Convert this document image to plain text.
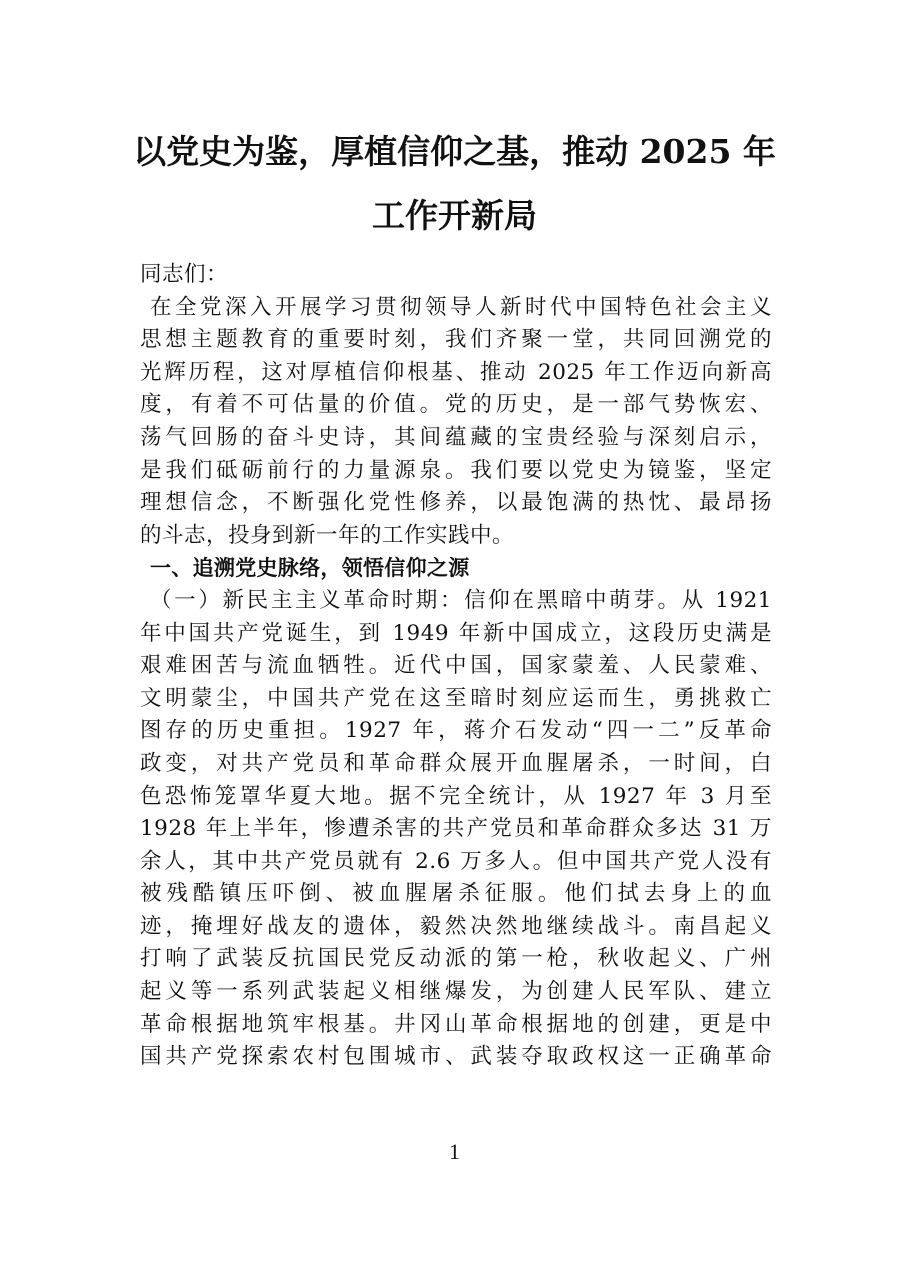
以党史为鉴，厚植信仰之基，推动 2025 年
工作开新局
同志们：
在全党深入开展学习贯彻领导人新时代中国特色社会主义
思想主题教育的重要时刻，我们齐聚一堂，共同回溯党的
光辉历程，这对厚植信仰根基、推动 2025 年工作迈向新高
度，有着不可估量的价值。党的历史，是一部气势恢宏、
荡气回肠的奋斗史诗，其间蕴藏的宝贵经验与深刻启示，
是我们砥砺前行的力量源泉。我们要以党史为镜鉴，坚定
理想信念，不断强化党性修养，以最饱满的热忱、最昂扬
的斗志，投身到新一年的工作实践中。
一、追溯党史脉络，领悟信仰之源
（一）新民主主义革命时期：信仰在黑暗中萌芽。从 1921
年中国共产党诞生，到 1949 年新中国成立，这段历史满是
艰难困苦与流血牺牲。近代中国，国家蒙羞、人民蒙难、
文明蒙尘，中国共产党在这至暗时刻应运而生，勇挑救亡
图存的历史重担。1927 年，蒋介石发动“四一二”反革命
政变，对共产党员和革命群众展开血腥屠杀，一时间，白
色恐怖笼罩华夏大地。据不完全统计，从 1927 年 3 月至
1928 年上半年，惨遭杀害的共产党员和革命群众多达 31 万
余人，其中共产党员就有 2.6 万多人。但中国共产党人没有
被残酷镇压吓倒、被血腥屠杀征服。他们拭去身上的血
迹，掩埋好战友的遗体，毅然决然地继续战斗。南昌起义
打响了武装反抗国民党反动派的第一枪，秋收起义、广州
起义等一系列武装起义相继爆发，为创建人民军队、建立
革命根据地筑牢根基。井冈山革命根据地的创建，更是中
国共产党探索农村包围城市、武装夺取政权这一正确革命
1
